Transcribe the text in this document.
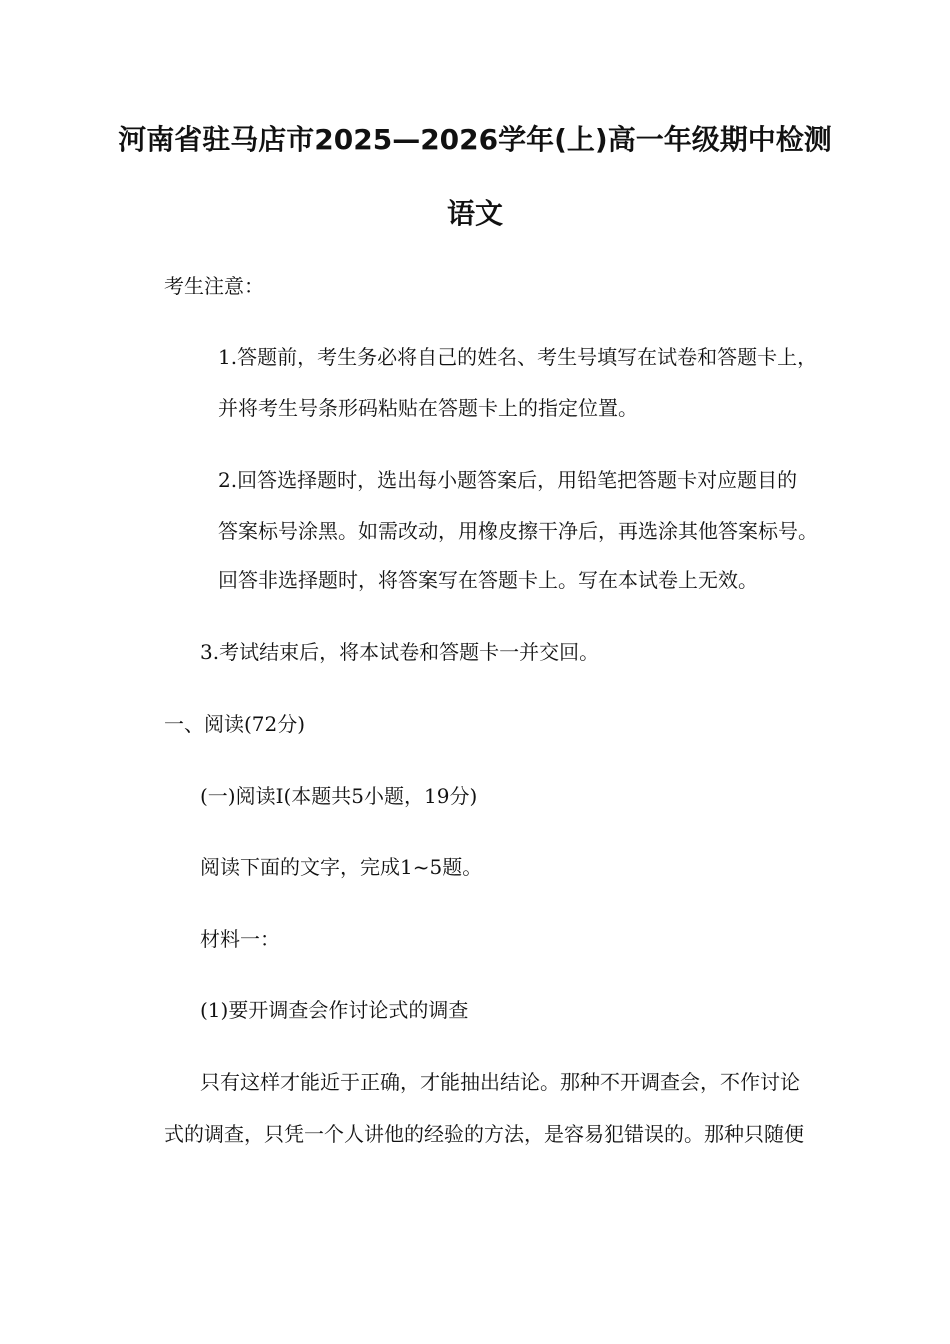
河南省驻马店市2025—2026学年(上)高一年级期中检测
语文
考生注意：
1.答题前，考生务必将自己的姓名、考生号填写在试卷和答题卡上，
并将考生号条形码粘贴在答题卡上的指定位置。
2.回答选择题时，选出每小题答案后，用铅笔把答题卡对应题目的
答案标号涂黑。如需改动，用橡皮擦干净后，再选涂其他答案标号。
回答非选择题时，将答案写在答题卡上。写在本试卷上无效。
3.考试结束后，将本试卷和答题卡一并交回。
一、阅读(72分)
(一)阅读Ⅰ(本题共5小题，19分)
阅读下面的文字，完成1~5题。
材料一：
(1)要开调查会作讨论式的调查
只有这样才能近于正确，才能抽出结论。那种不开调查会，不作讨论
式的调查，只凭一个人讲他的经验的方法，是容易犯错误的。那种只随便
